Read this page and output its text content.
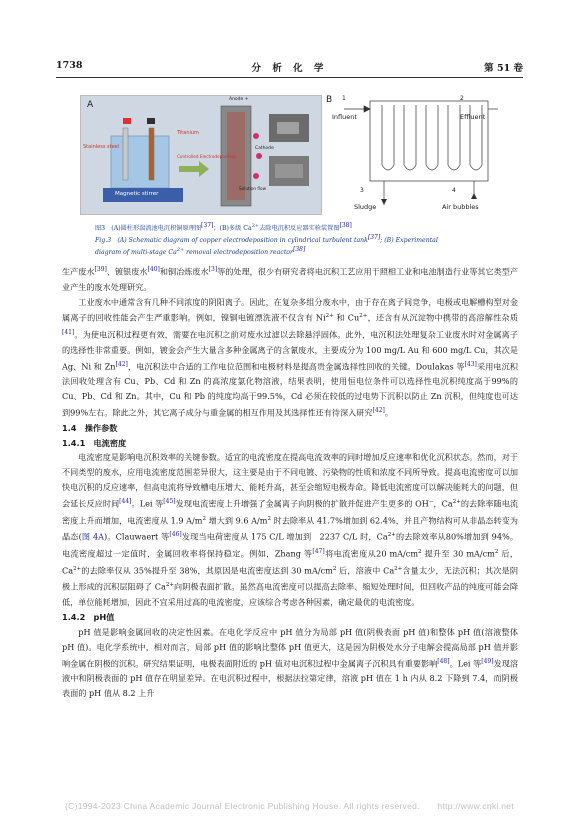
1738	分 析 化 学	第 51 卷
A
Anode +
Stainless steel
Titanium
Cathode
Controlled Electrodeposition
Solution flow
Magnetic stirrer
B 1	2
Influent	Effluent
3	4
Sludge	Air bubbles
图3　(A)圆柱形湍流池电沉积铜原理图[37]；(B)多级 $Ca^{2+}$去除电沉积反应器实验装置图[38]
Fig.3　(A) Schematic diagram of copper electrodeposition in cylindrical turbulent tank[37]; (B) Experimental
diagram of multi-stage $Ca^{2+}$ removal electrodeposition reactor[38]

生产废水[39]、镀银废水[40]和铜冶炼废水[3]等的处理，很少有研究者将电沉积工艺应用于照相工业和电池制造行业等其它类型产业产生的废水处理研究。

工业废水中通常含有几种不同浓度的阴阳离子。因此，在复杂多组分废水中，由于存在离子间竞争，电极或电解槽构型对金属离子的回收性能会产生严重影响。例如，镍铜电镀漂洗液不仅含有 $Ni^{2+}$ 和 $Cu^{2+}$，还含有从沉淀物中携带的高溶解性杂质[41]。为使电沉积过程更有效，需要在电沉积之前对废水过滤以去除悬浮固体。此外，电沉积法处理复杂工业废水时对金属离子的选择性非常重要。例如，镀金会产生大量含多种金属离子的含氰废水，主要成分为 100 mg/L Au 和 600 mg/L Cu，其次是 Ag、Ni 和 Zn[42]，电沉积法中合适的工作电位范围和电极材料是提高贵金属选择性回收的关键。Doulakas 等[43]采用电沉积法回收处理含有 Cu、Pb、Cd 和 Zn 的高浓度氯化物溶液，结果表明，使用恒电位条件可以选择性电沉积纯度高于99%的 Cu、Pb、Cd 和 Zn。其中，Cu 和 Pb 的纯度均高于99.5%，Cd 必须在较低的过电势下沉积以防止 Zn 沉积，但纯度也可达到99%左右。除此之外，其它离子成分与重金属的相互作用及其选择性还有待深入研究[42]。

1.4　操作参数

1.4.1　电流密度

电流密度是影响电沉积效率的关键参数。适宜的电流密度在提高电流效率的同时增加反应速率和优化沉积状态。然而，对于不同类型的废水，应用电流密度范围差异很大，这主要是由于不同电镀、污染物的性质和浓度不同所导致。提高电流密度可以加快电沉积的反应速率，但高电流将导致槽电压增大、能耗升高，甚至会缩短电极寿命。降低电流密度可以解决能耗大的问题，但会延长反应时间[44]。Lei 等[45]发现电流密度上升增强了金属离子向阴极的扩散并促进产生更多的 OH−，$Ca^{2+}$的去除率随电流密度上升而增加，电流密度从 1.9 $A/m^2$ 增大到 9.6 $A/m^2$ 时去除率从 41.7%增加到 62.4%，并且产物结构可从非晶态转变为晶态(图 4A)。Clauwaert 等[46]发现当电荷密度从 175 C/L 增加到　2237 C/L 时，$Ca^{2+}$的去除效率从80%增加到 94%。电流密度超过一定值时，金属回收率将保持稳定。例如，Zhang 等[47]将电流密度从20 $mA/cm^2$ 提升至 30 $mA/cm^2$ 后，$Ca^{2+}$的去除率仅从 35%提升至 38%，其原因是电流密度达到 30 $mA/cm^2$ 后，溶液中 $Ca^{2+}$含量太少，无法沉积；其次是阴极上形成的沉积层阻碍了 $Ca^{2+}$向阴极表面扩散。虽然高电流密度可以提高去除率、缩短处理时间，但回收产品的纯度可能会降低，单位能耗增加，因此不宜采用过高的电流密度，应该综合考虑各种因素，确定最优的电流密度。

1.4.2　pH值

pH 值是影响金属回收的决定性因素。在电化学反应中 pH 值分为局部 pH 值(阴极表面 pH 值)和整体 pH 值(溶液整体 pH 值)。电化学系统中，相对而言，局部 pH 值的影响比整体 pH 值更大，这是因为阴极处水分子电解会提高局部 pH 值并影响金属在阴极的沉积。研究结果证明，电极表面附近的 pH 值对电沉积过程中金属离子沉积具有重要影响[48]。Lei 等[49]发现溶液中和阴极表面的 pH 值存在明显差异。在电沉积过程中，根据法拉第定律，溶液 pH 值在 1 h 内从 8.2 下降到 7.4，而阴极表面的 pH 值从 8.2 上升

(C)1994-2023 China Academic Journal Electronic Publishing House. All rights reserved.　　http://www.cnki.net
